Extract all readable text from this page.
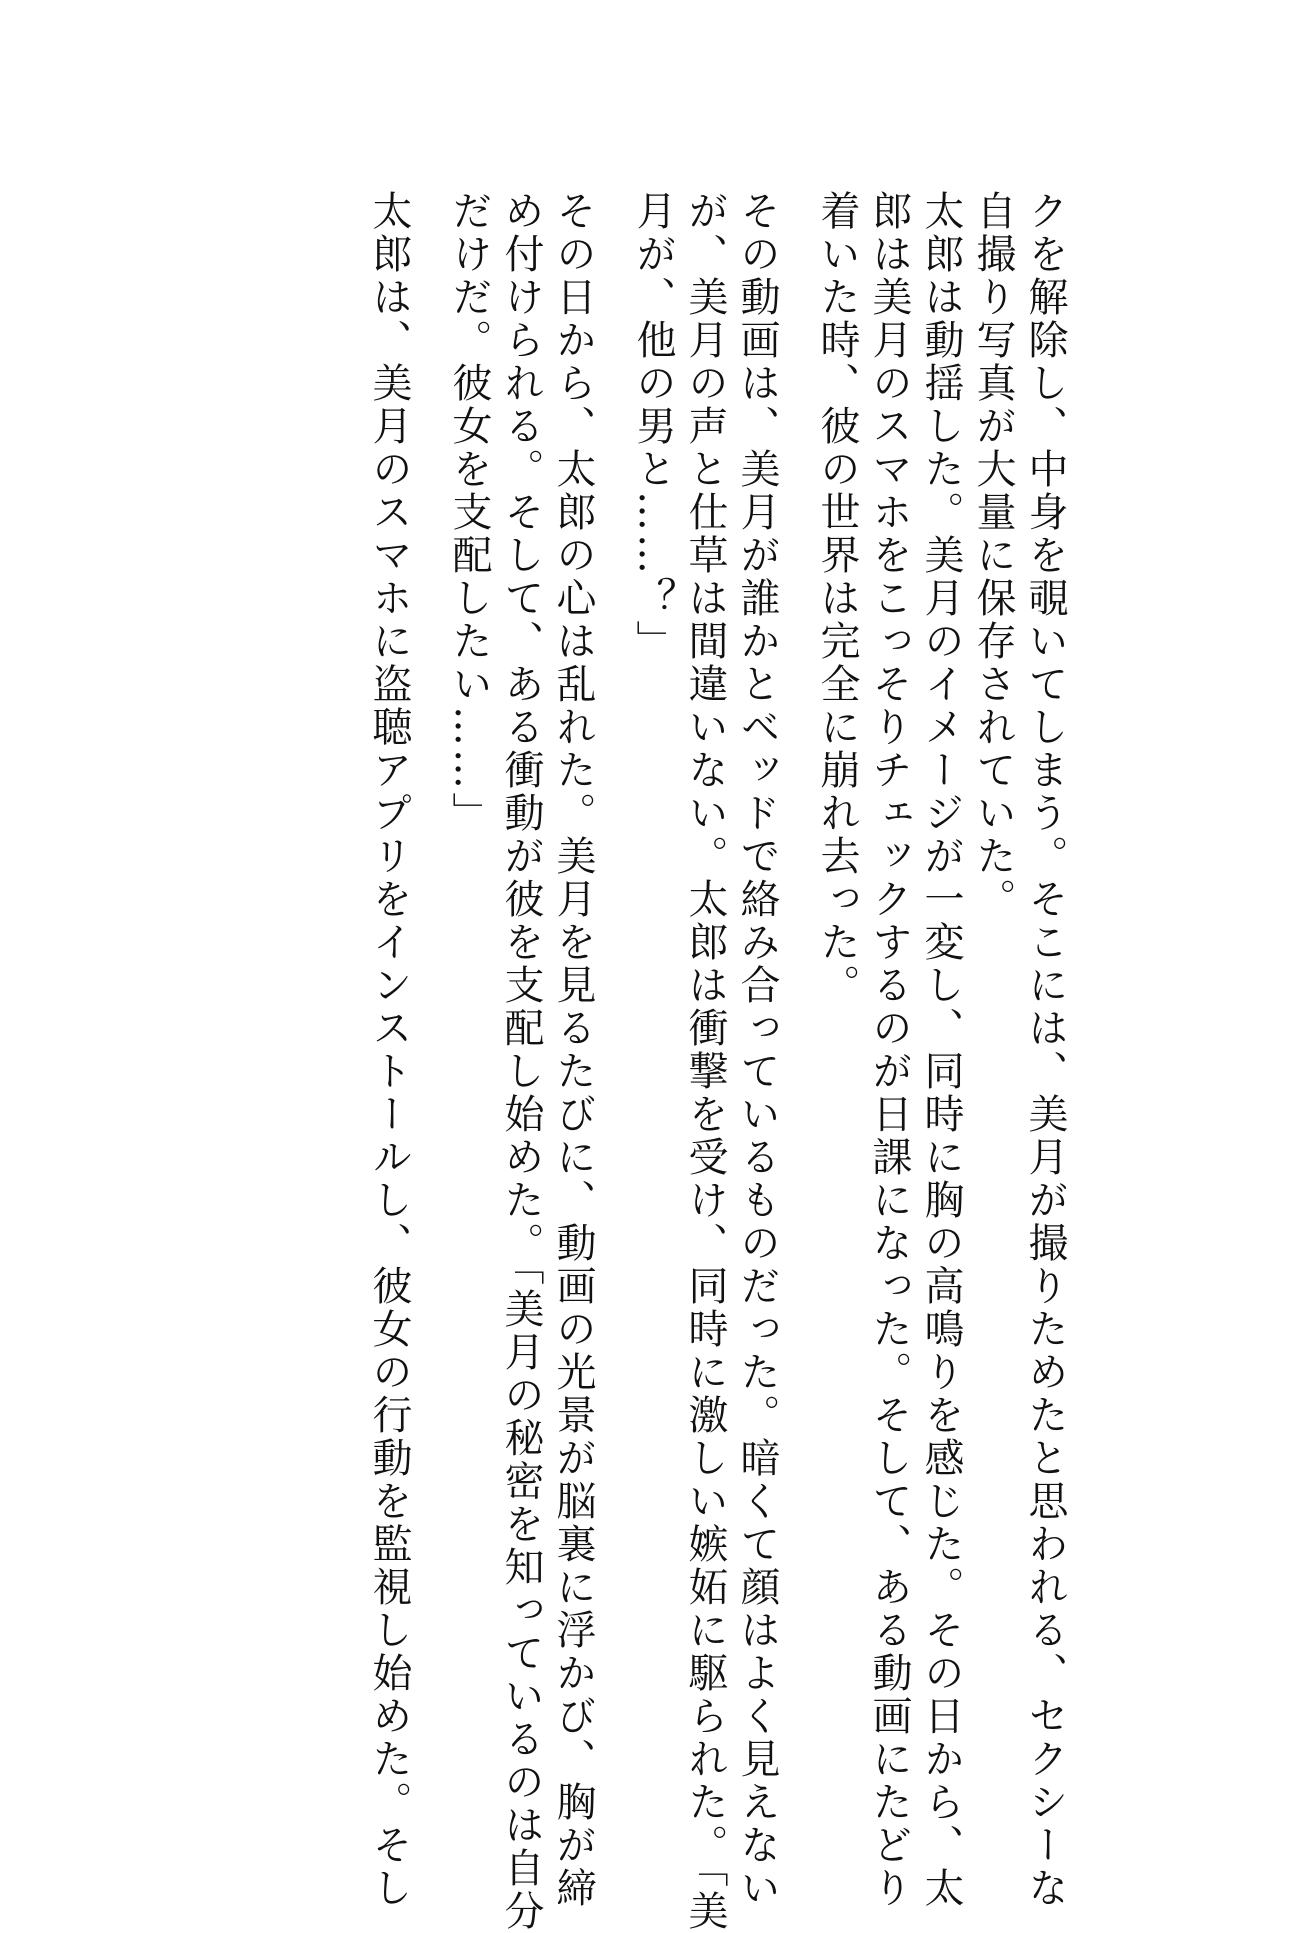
クを解除し、中身を覗いてしまう。そこには、美月が撮りためたと思われる、セクシーな
自撮り写真が大量に保存されていた。

太郎は動揺した。美月のイメージが一変し、同時に胸の高鳴りを感じた。その日から、太
郎は美月のスマホをこっそりチェックするのが日課になった。そして、ある動画にたどり
着いた時、彼の世界は完全に崩れ去った。

その動画は、美月が誰かとベッドで絡み合っているものだった。暗くて顔はよく見えない
が、美月の声と仕草は間違いない。太郎は衝撃を受け、同時に激しい嫉妬に駆られた。「美
月が、他の男と……？」

その日から、太郎の心は乱れた。美月を見るたびに、動画の光景が脳裏に浮かび、胸が締
め付けられる。そして、ある衝動が彼を支配し始めた。「美月の秘密を知っているのは自分
だけだ。彼女を支配したい……」

太郎は、美月のスマホに盗聴アプリをインストールし、彼女の行動を監視し始めた。そし
